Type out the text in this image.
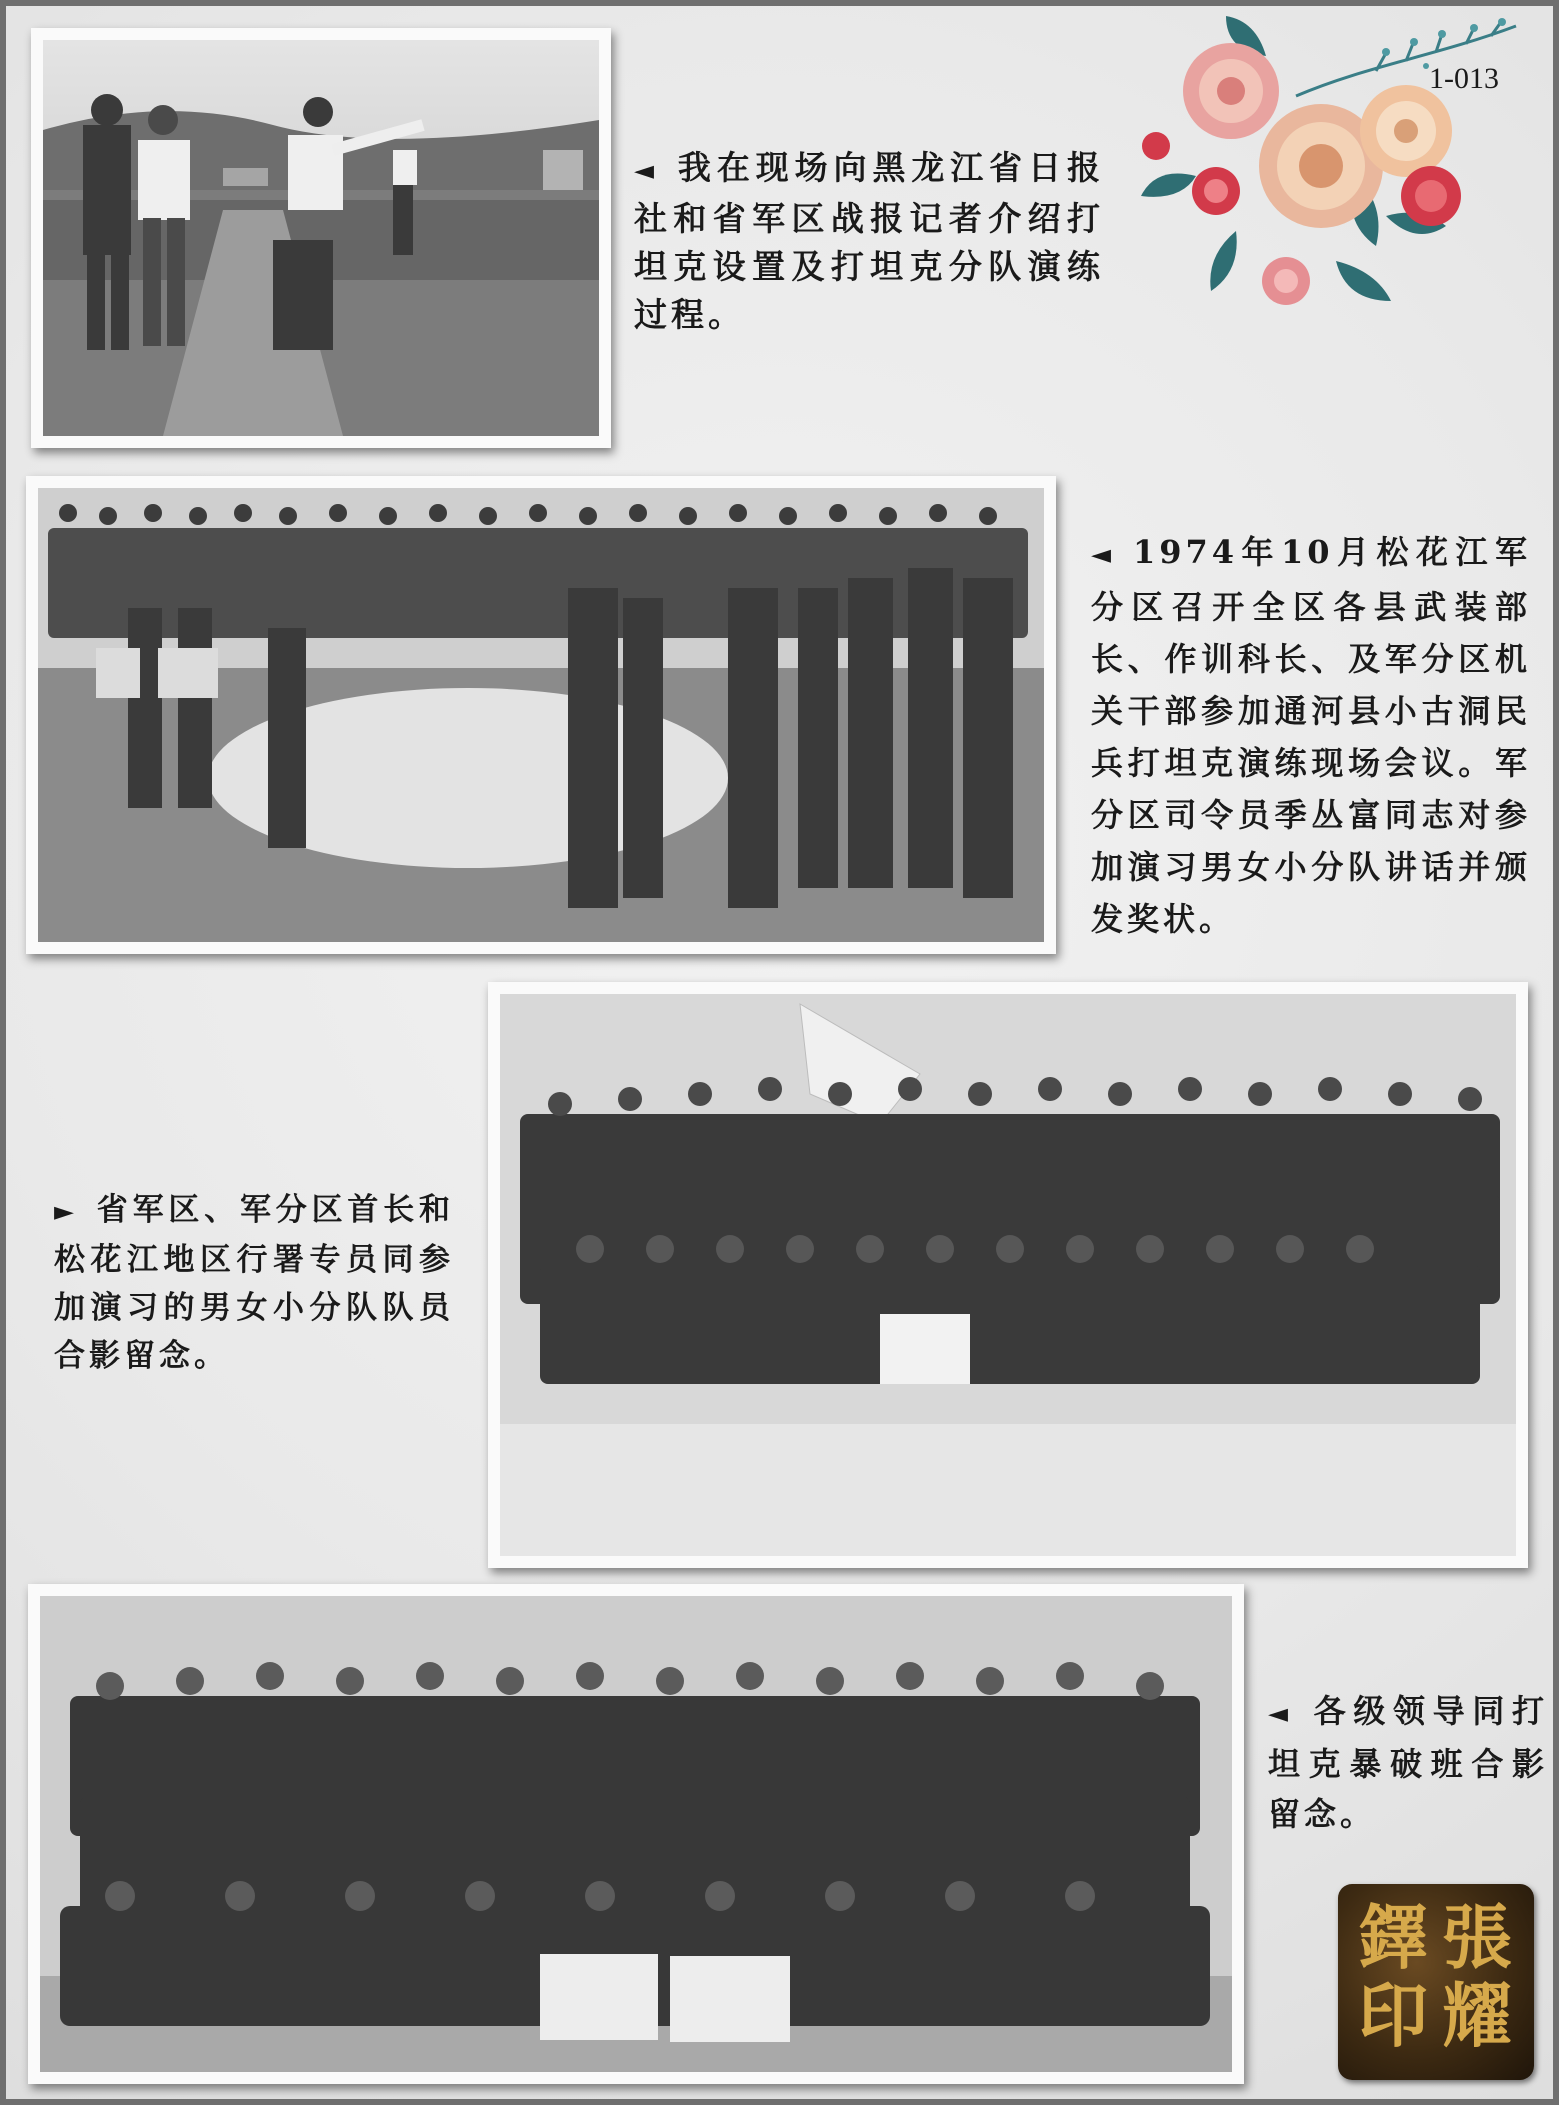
1-013
◄ 我在现场向黑龙江省日报社和省军区战报记者介绍打坦克设置及打坦克分队演练过程。
◄ 1974年10月松花江军分区召开全区各县武装部长、作训科长、及军分区机关干部参加通河县小古洞民兵打坦克演练现场会议。军分区司令员季丛富同志对参加演习男女小分队讲话并颁发奖状。
► 省军区、军分区首长和松花江地区行署专员同参加演习的男女小分队队员合影留念。
◄ 各级领导同打坦克暴破班合影留念。
張
耀
鐸
印
